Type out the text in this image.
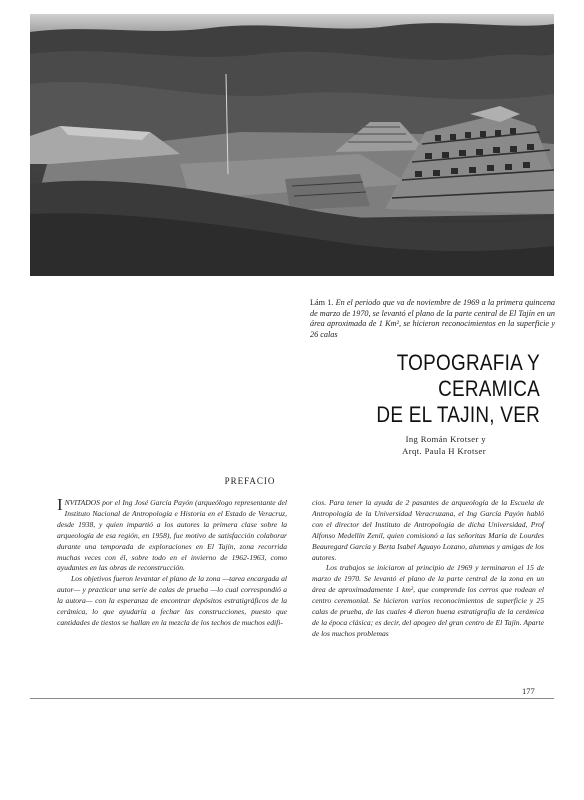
Lám 1. En el periodo que va de noviembre de 1969 a la primera quincena de marzo de 1970, se levantó el plano de la parte central de El Tajín en un área aproximada de 1 Km², se hicieron reconocimientos en la superficie y 26 calas
TOPOGRAFIA Y CERAMICA
DE EL TAJIN, VER
Ing Román Krotser y
Arqt. Paula H Krotser
PREFACIO

INVITADOS por el Ing José García Payón (arqueólogo representante del Instituto Nacional de Antropología e Historia en el Estado de Veracruz, desde 1938, y quien impartió a los autores la primera clase sobre la arqueología de esa región, en 1958), fue motivo de satisfacción colaborar durante una temporada de exploraciones en El Tajín, zona recorrida muchas veces con él, sobre todo en el invierno de 1962-1963, como ayudantes en las obras de reconstrucción.

Los objetivos fueron levantar el plano de la zona —tarea encargada al autor— y practicar una serie de calas de prueba —lo cual correspondió a la autora— con la esperanza de encontrar depósitos estratigráficos de la cerámica, lo que ayudaría a fechar las construcciones, puesto que cantidades de tiestos se hallan en la mezcla de los techos de muchos edifi-

cios. Para tener la ayuda de 2 pasantes de arqueología de la Escuela de Antropología de la Universidad Veracruzana, el Ing García Payón habló con el director del Instituto de Antropología de dicha Universidad, Prof Alfonso Medellín Zenil, quien comisionó a las señoritas María de Lourdes Beauregard García y Berta Isabel Aguayo Lozano, alumnas y amigas de los autores.

Los trabajos se iniciaron al principio de 1969 y terminaron el 15 de marzo de 1970. Se levantó el plano de la parte central de la zona en un área de aproximadamente 1 km², que comprende los cerros que rodean el centro ceremonial. Se hicieron varios reconocimientos de superficie y 25 calas de prueba, de las cuales 4 dieron buena estratigrafía de la cerámica de la época clásica; es decir, del apogeo del gran centro de El Tajín. Aparte de los muchos problemas

177
